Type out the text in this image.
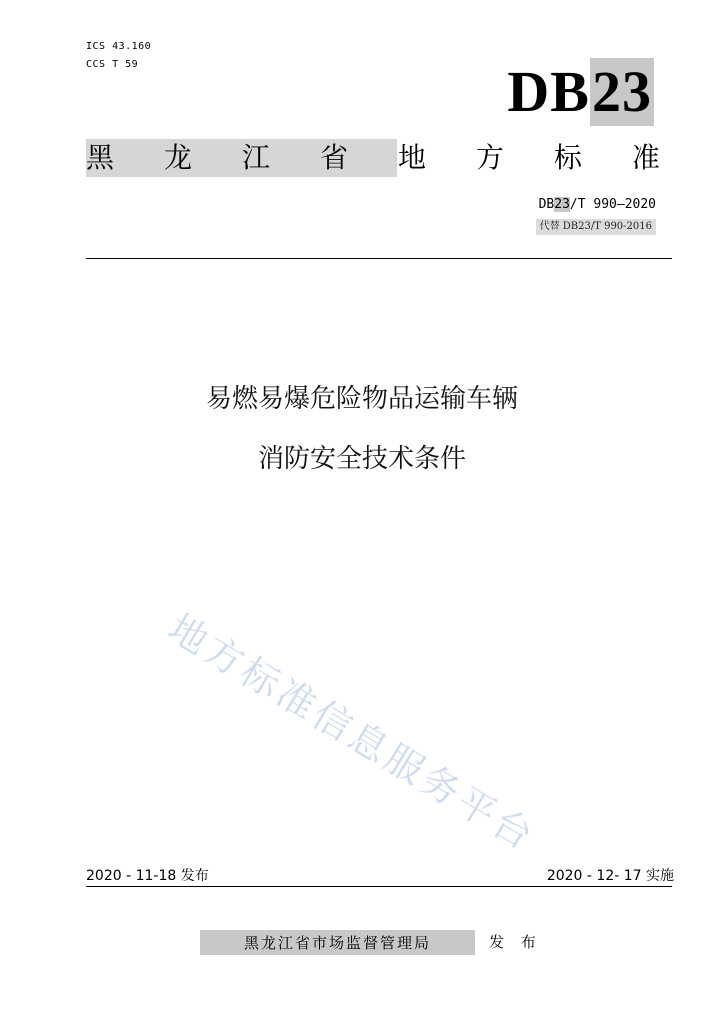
ICS 43.160
CCS T 59	DB 23
黑 龙 江 省 地 方 标 准
DB23/T 990—2020
代替 DB23/T 990-2016
易燃易爆危险物品运输车辆
消防安全技术条件
地方标准信息服务平台
2020 - 11-18 发布	2020 - 12- 17 实施
黑龙江省市场监督管理局	发 布
